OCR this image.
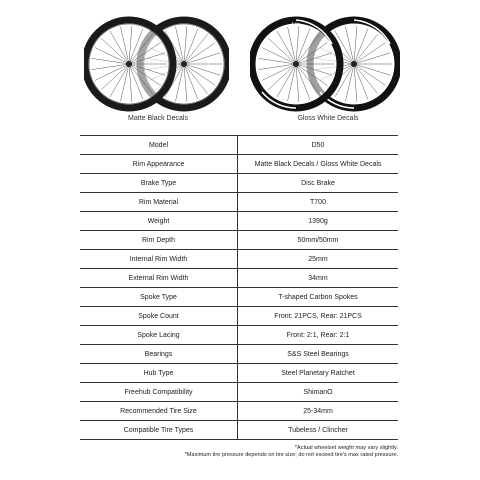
Lün
Matte Black Decals	Gloss White Decals
Model	D50
Rim Appearance	Matte Black Decals / Gloss White Decals
Brake Type	Disc Brake
Rim Material	T700
Weight	1390g
Rim Depth	50mm/50mm
Internal Rim Width	25mm
External Rim Width	34mm
Spoke Type	T-shaped Carbon Spokes
Spoke Count	Front: 21PCS, Rear: 21PCS
Spoke Lacing	Front: 2:1, Rear: 2:1
Bearings	S&S Steel Bearings
Hub Type	Steel Planetary Ratchet
Freehub Compatibility	ShimanO
Recommended Tire Size	25-34mm
Compatible Tire Types	Tubeless / Clincher
*Actual wheelset weight may vary slightly.
*Maximum tire pressure depends on tire size; do not exceed tire's max rated pressure.
